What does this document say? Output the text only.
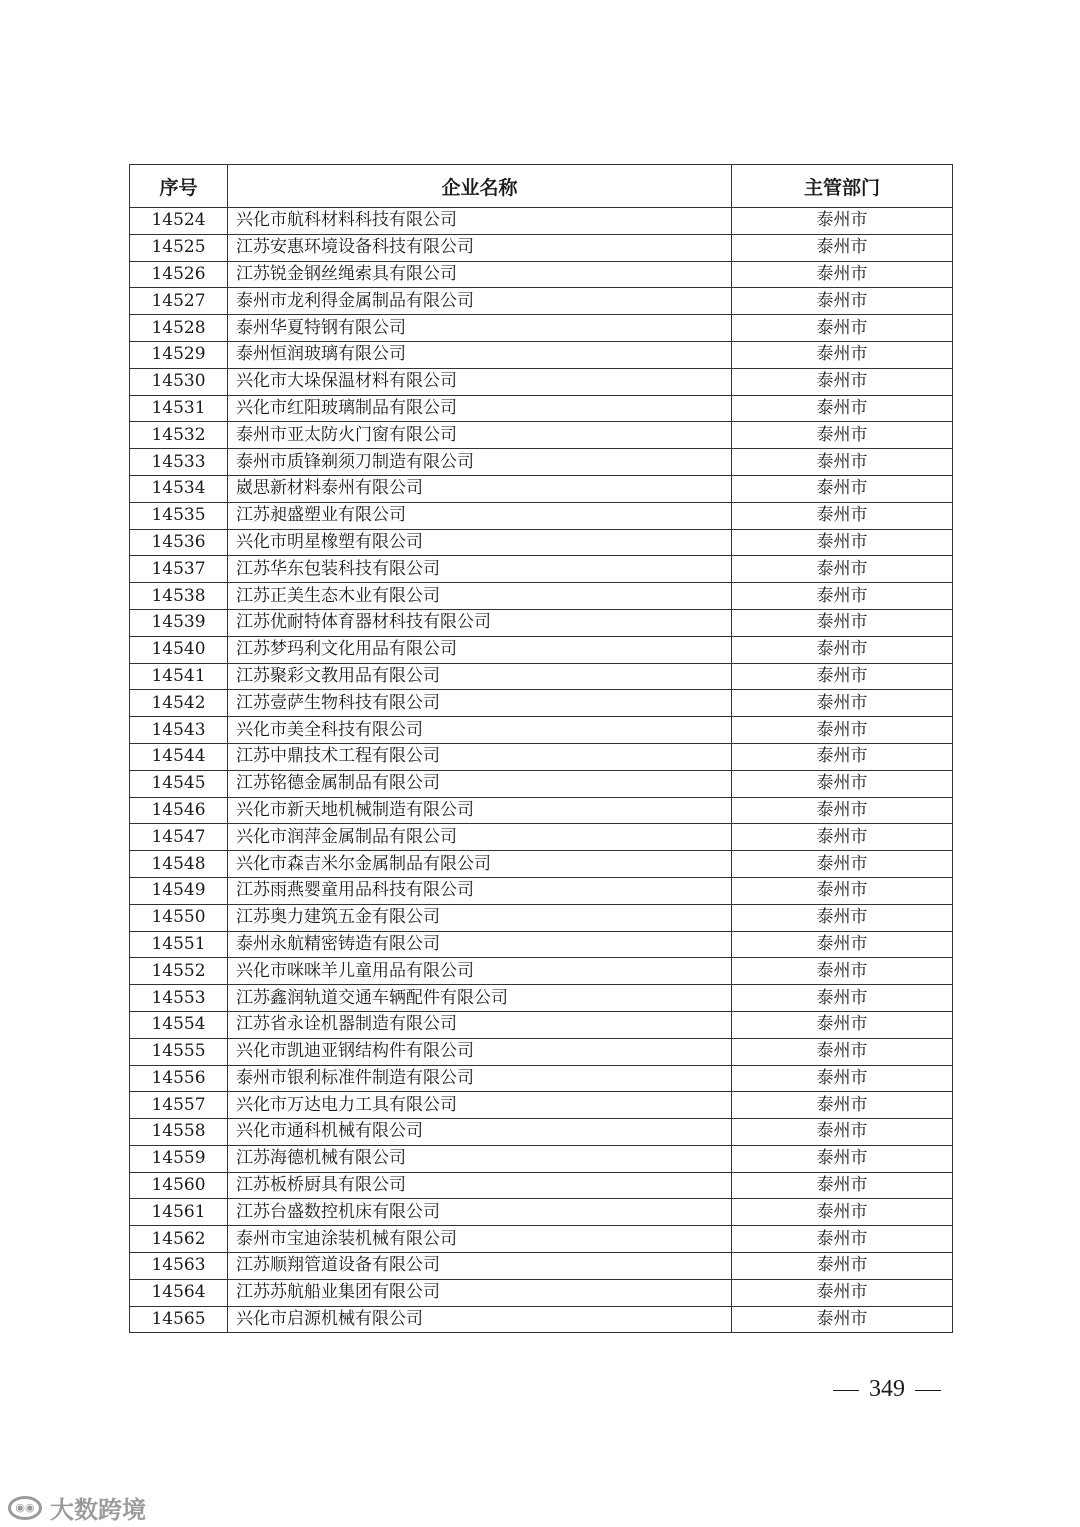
序号	企业名称	主管部门
14524	兴化市航科材料科技有限公司	泰州市
14525	江苏安惠环境设备科技有限公司	泰州市
14526	江苏锐金钢丝绳索具有限公司	泰州市
14527	泰州市龙利得金属制品有限公司	泰州市
14528	泰州华夏特钢有限公司	泰州市
14529	泰州恒润玻璃有限公司	泰州市
14530	兴化市大垛保温材料有限公司	泰州市
14531	兴化市红阳玻璃制品有限公司	泰州市
14532	泰州市亚太防火门窗有限公司	泰州市
14533	泰州市质锋剃须刀制造有限公司	泰州市
14534	崴思新材料泰州有限公司	泰州市
14535	江苏昶盛塑业有限公司	泰州市
14536	兴化市明星橡塑有限公司	泰州市
14537	江苏华东包装科技有限公司	泰州市
14538	江苏正美生态木业有限公司	泰州市
14539	江苏优耐特体育器材科技有限公司	泰州市
14540	江苏梦玛利文化用品有限公司	泰州市
14541	江苏聚彩文教用品有限公司	泰州市
14542	江苏壹萨生物科技有限公司	泰州市
14543	兴化市美全科技有限公司	泰州市
14544	江苏中鼎技术工程有限公司	泰州市
14545	江苏铭德金属制品有限公司	泰州市
14546	兴化市新天地机械制造有限公司	泰州市
14547	兴化市润萍金属制品有限公司	泰州市
14548	兴化市森吉米尔金属制品有限公司	泰州市
14549	江苏雨燕婴童用品科技有限公司	泰州市
14550	江苏奥力建筑五金有限公司	泰州市
14551	泰州永航精密铸造有限公司	泰州市
14552	兴化市咪咪羊儿童用品有限公司	泰州市
14553	江苏鑫润轨道交通车辆配件有限公司	泰州市
14554	江苏省永诠机器制造有限公司	泰州市
14555	兴化市凯迪亚钢结构件有限公司	泰州市
14556	泰州市银利标准件制造有限公司	泰州市
14557	兴化市万达电力工具有限公司	泰州市
14558	兴化市通科机械有限公司	泰州市
14559	江苏海德机械有限公司	泰州市
14560	江苏板桥厨具有限公司	泰州市
14561	江苏台盛数控机床有限公司	泰州市
14562	泰州市宝迪涂装机械有限公司	泰州市
14563	江苏顺翔管道设备有限公司	泰州市
14564	江苏苏航船业集团有限公司	泰州市
14565	兴化市启源机械有限公司	泰州市
349
◉◉ 大数跨境
